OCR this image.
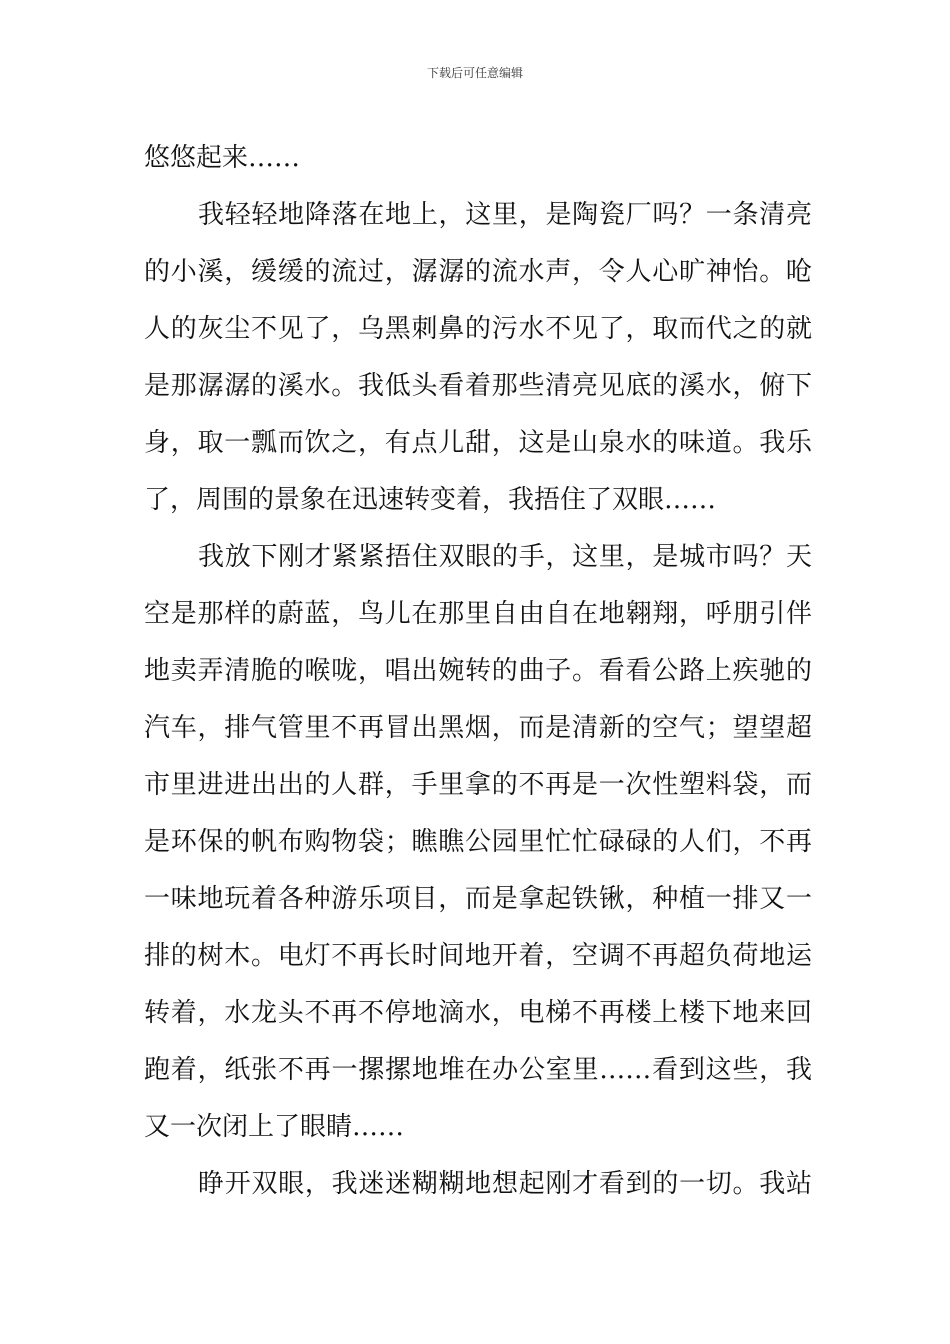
下载后可任意编辑
悠悠起来……
我轻轻地降落在地上，这里，是陶瓷厂吗？一条清亮
的小溪，缓缓的流过，潺潺的流水声，令人心旷神怡。呛
人的灰尘不见了，乌黑刺鼻的污水不见了，取而代之的就
是那潺潺的溪水。我低头看着那些清亮见底的溪水，俯下
身，取一瓢而饮之，有点儿甜，这是山泉水的味道。我乐
了，周围的景象在迅速转变着，我捂住了双眼……
我放下刚才紧紧捂住双眼的手，这里，是城市吗？天
空是那样的蔚蓝，鸟儿在那里自由自在地翱翔，呼朋引伴
地卖弄清脆的喉咙，唱出婉转的曲子。看看公路上疾驰的
汽车，排气管里不再冒出黑烟，而是清新的空气；望望超
市里进进出出的人群，手里拿的不再是一次性塑料袋，而
是环保的帆布购物袋；瞧瞧公园里忙忙碌碌的人们，不再
一味地玩着各种游乐项目，而是拿起铁锹，种植一排又一
排的树木。电灯不再长时间地开着，空调不再超负荷地运
转着，水龙头不再不停地滴水，电梯不再楼上楼下地来回
跑着，纸张不再一摞摞地堆在办公室里……看到这些，我
又一次闭上了眼睛……
睁开双眼，我迷迷糊糊地想起刚才看到的一切。我站
